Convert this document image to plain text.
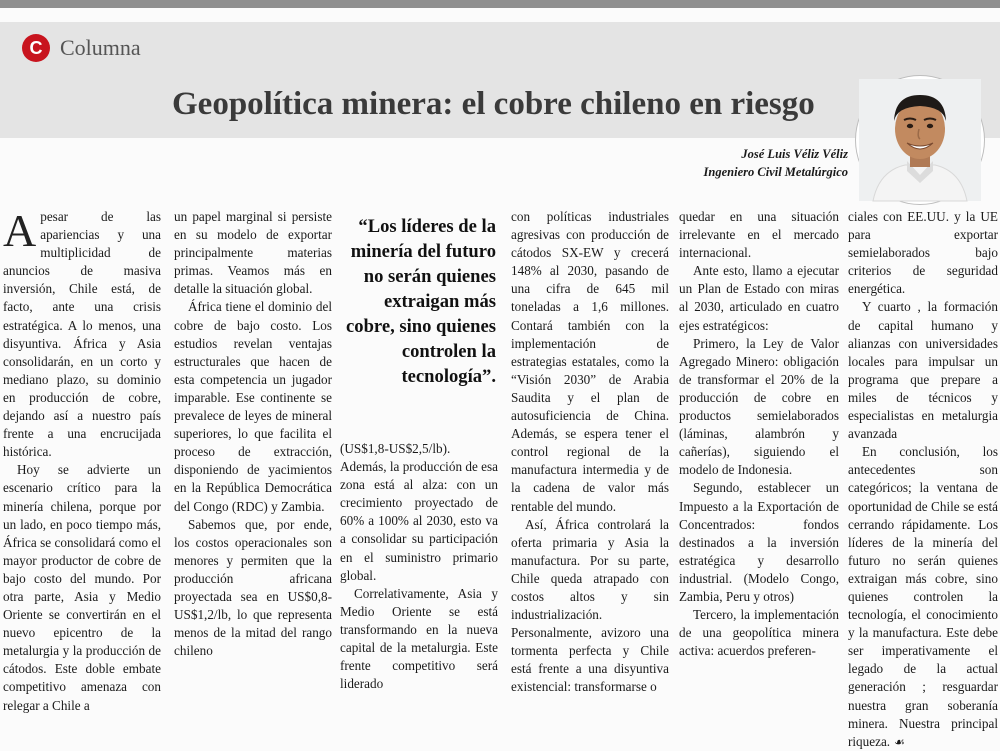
C Columna
Geopolítica minera: el cobre chileno en riesgo
José Luis Véliz Véliz
Ingeniero Civil Metalúrgico

Apesar de las apariencias y una multiplicidad de anuncios de masiva inversión, Chile está, de facto, ante una crisis estratégica. A lo menos, una disyuntiva. África y Asia consolidarán, en un corto y mediano plazo, su dominio en producción de cobre, dejando así a nuestro país frente a una encrucijada histórica.

Hoy se advierte un escenario crítico para la minería chilena, porque por un lado, en poco tiempo más, África se consolidará como el mayor productor de cobre de bajo costo del mundo. Por otra parte, Asia y Medio Oriente se convertirán en el nuevo epicentro de la metalurgia y la producción de cátodos. Este doble embate competitivo amenaza con relegar a Chile a

un papel marginal si persiste en su modelo de exportar principalmente materias primas. Veamos más en detalle la situación global.

África tiene el dominio del cobre de bajo costo. Los estudios revelan ventajas estructurales que hacen de esta competencia un jugador imparable. Ese continente se prevalece de leyes de mineral superiores, lo que facilita el proceso de extracción, disponiendo de yacimientos en la República Democrática del Congo (RDC) y Zambia.

Sabemos que, por ende, los costos operacionales son menores y permiten que la producción africana proyectada sea en US$0,8-US$1,2/lb, lo que representa menos de la mitad del rango chileno

“Los líderes de la minería del futuro no serán quienes extraigan más cobre, sino quienes controlen la tecnología”.

(US$1,8-US$2,5/lb). Además, la producción de esa zona está al alza: con un crecimiento proyectado de 60% a 100% al 2030, esto va a consolidar su participación en el suministro primario global.

Correlativamente, Asia y Medio Oriente se está transformando en la nueva capital de la metalurgia. Este frente competitivo será liderado

con políticas industriales agresivas con producción de cátodos SX-EW y crecerá 148% al 2030, pasando de una cifra de 645 mil toneladas a 1,6 millones. Contará también con la implementación de estrategias estatales, como la “Visión 2030” de Arabia Saudita y el plan de autosuficiencia de China. Además, se espera tener el control regional de la manufactura intermedia y de la cadena de valor más rentable del mundo.

Así, África controlará la oferta primaria y Asia la manufactura. Por su parte, Chile queda atrapado con costos altos y sin industrialización. Personalmente, avizoro una tormenta perfecta y Chile está frente a una disyuntiva existencial: transformarse o

quedar en una situación irrelevante en el mercado internacional.

Ante esto, llamo a ejecutar un Plan de Estado con miras al 2030, articulado en cuatro ejes estratégicos:

Primero, la Ley de Valor Agregado Minero: obligación de transformar el 20% de la producción de cobre en productos semielaborados (láminas, alambrón y cañerías), siguiendo el modelo de Indonesia.

Segundo, establecer un Impuesto a la Exportación de Concentrados: fondos destinados a la inversión estratégica y desarrollo industrial. (Modelo Congo, Zambia, Peru y otros)

Tercero, la implementación de una geopolítica minera activa: acuerdos preferen-

ciales con EE.UU. y la UE para exportar semielaborados bajo criterios de seguridad energética.

Y cuarto , la formación de capital humano y alianzas con universidades locales para impulsar un programa que prepare a miles de técnicos y especialistas en metalurgia avanzada

En conclusión, los antecedentes son categóricos; la ventana de oportunidad de Chile se está cerrando rápidamente. Los líderes de la minería del futuro no serán quienes extraigan más cobre, sino quienes controlen la tecnología, el conocimiento y la manufactura. Este debe ser imperativamente el legado de la actual generación ; resguardar nuestra gran soberanía minera. Nuestra principal riqueza. ☙
